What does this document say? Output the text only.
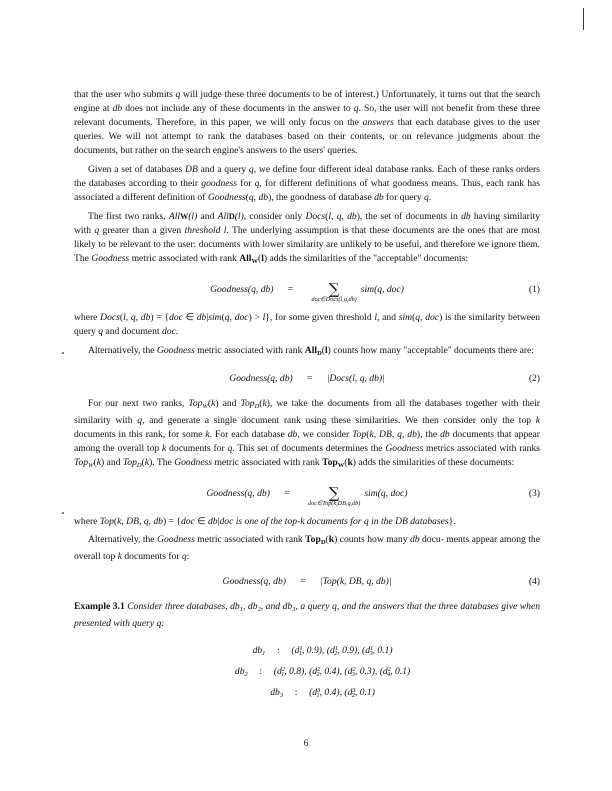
that the user who submits q will judge these three documents to be of interest.) Unfortunately, it turns out that the search engine at db does not include any of these documents in the answer to q. So, the user will not benefit from these three relevant documents. Therefore, in this paper, we will only focus on the answers that each database gives to the user queries. We will not attempt to rank the databases based on their contents, or on relevance judgments about the documents, but rather on the search engine's answers to the users' queries.

Given a set of databases DB and a query q, we define four different ideal database ranks. Each of these ranks orders the databases according to their goodness for q, for different definitions of what goodness means. Thus, each rank has associated a different definition of Goodness(q, db), the goodness of database db for query q.

The first two ranks, AllW(l) and AllD(l), consider only Docs(l, q, db), the set of documents in db having similarity with q greater than a given threshold l. The underlying assumption is that these documents are the ones that are most likely to be relevant to the user: documents with lower similarity are unlikely to be useful, and therefore we ignore them. The Goodness metric associated with rank All$_W$(l) adds the similarities of the "acceptable" documents:

Goodness(q, db) =	∑
doc∈Docs(l,q,db)
sim(q, doc)	(1)

where Docs(l, q, db) = {doc ∈ db|sim(q, doc) > l}, for some given threshold l, and sim(q, doc) is the similarity between query q and document doc.

Alternatively, the Goodness metric associated with rank All$_D$(l) counts how many "acceptable" documents there are:

Goodness(q, db) = |Docs(l, q, db)|	(2)

For our next two ranks, Top$_W$(k) and Top$_D$(k), we take the documents from all the databases together with their similarity with q, and generate a single document rank using these similarities. We then consider only the top k documents in this rank, for some k. For each database db, we consider Top(k, DB, q, db), the db documents that appear among the overall top k documents for q. This set of documents determines the Goodness metrics associated with ranks Top$_W$(k) and Top$_D$(k). The Goodness metric associated with rank Top$_W$(k) adds the similarities of these documents:

Goodness(q, db) =	∑
doc∈Top(k,DB,q,db)
sim(q, doc)	(3)

where Top(k, DB, q, db) = {doc ∈ db|doc is one of the top-k documents for q in the DB databases}.

Alternatively, the Goodness metric associated with rank Top$_D$(k) counts how many db docu- ments appear among the overall top k documents for q:

Goodness(q, db) = |Top(k, DB, q, db)|	(4)

Example 3.1 Consider three databases, $db_1$, $db_2$, and $db_3$, a query q, and the answers that the three databases give when presented with query q:

$db_1$ : ($d^1_1$, 0.9), ($d^1_2$, 0.9), ($d^1_3$, 0.1)
$db_2$ : ($d^2_1$, 0.8), ($d^2_2$, 0.4), ($d^2_3$, 0.3), ($d^2_4$, 0.1)
$db_3$ : ($d^3_1$, 0.4), ($d^3_2$, 0.1)
6
